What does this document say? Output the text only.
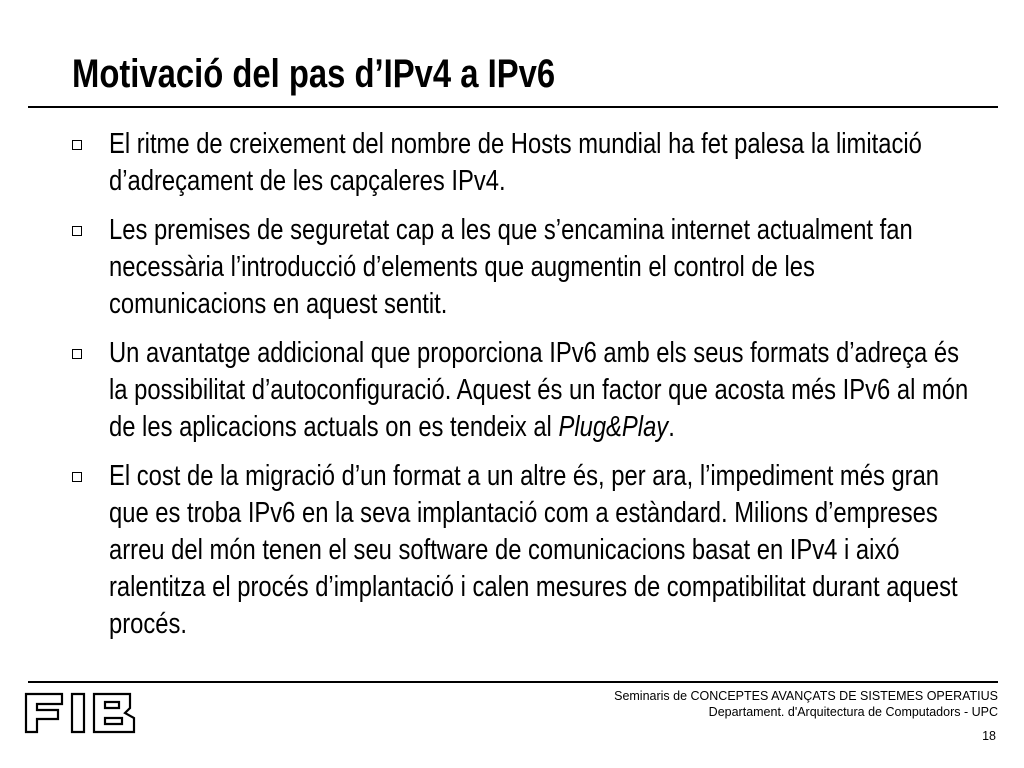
Motivació del pas d’IPv4 a IPv6
El ritme de creixement del nombre de Hosts mundial ha fet palesa la limitació d’adreçament de les capçaleres IPv4.
Les premises de seguretat cap a les que s’encamina internet actualment fan necessària l’introducció d’elements que augmentin el control de les comunicacions en aquest sentit.
Un avantatge addicional que proporciona IPv6 amb els seus formats d’adreça és la possibilitat d’autoconfiguració. Aquest és un factor que acosta més IPv6 al món de les aplicacions actuals on es tendeix al Plug&Play.
El cost de la migració d’un format a un altre és, per ara, l’impediment més gran que es troba IPv6 en la seva implantació com a estàndard. Milions d’empreses arreu del món tenen el seu software de comunicacions basat en IPv4 i aixó ralentitza el procés d’implantació i calen mesures de compatibilitat durant aquest procés.
Seminaris de CONCEPTES AVANÇATS DE SISTEMES OPERATIUS
Departament. d'Arquitectura de Computadors - UPC
18
